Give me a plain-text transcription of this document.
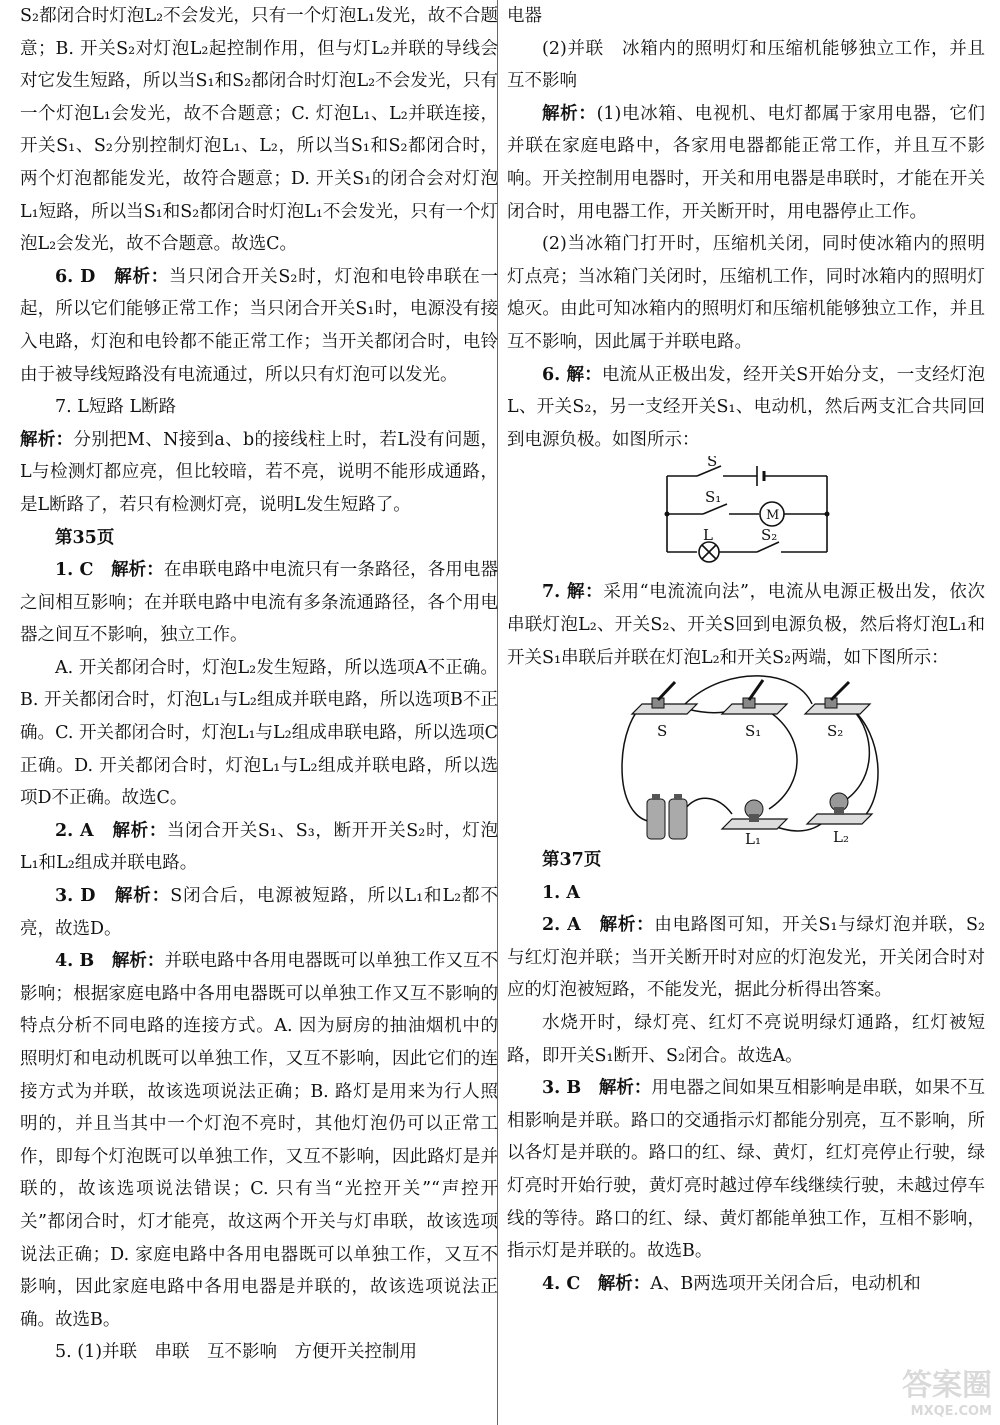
S₂都闭合时灯泡L₂不会发光，只有一个灯泡L₁发光，故不合题意；B. 开关S₂对灯泡L₂起控制作用，但与灯L₂并联的导线会对它发生短路，所以当S₁和S₂都闭合时灯泡L₂不会发光，只有一个灯泡L₁会发光，故不合题意；C. 灯泡L₁、L₂并联连接，开关S₁、S₂分别控制灯泡L₁、L₂，所以当S₁和S₂都闭合时，两个灯泡都能发光，故符合题意；D. 开关S₁的闭合会对灯泡L₁短路，所以当S₁和S₂都闭合时灯泡L₁不会发光，只有一个灯泡L₂会发光，故不合题意。故选C。

6. D　解析：当只闭合开关S₂时，灯泡和电铃串联在一起，所以它们能够正常工作；当只闭合开关S₁时，电源没有接入电路，灯泡和电铃都不能正常工作；当开关都闭合时，电铃由于被导线短路没有电流通过，所以只有灯泡可以发光。

7. L短路 L断路

解析：分别把M、N接到a、b的接线柱上时，若L没有问题，L与检测灯都应亮，但比较暗，若不亮，说明不能形成通路，是L断路了，若只有检测灯亮，说明L发生短路了。

第35页

1. C　解析：在串联电路中电流只有一条路径，各用电器之间相互影响；在并联电路中电流有多条流通路径，各个用电器之间互不影响，独立工作。

A. 开关都闭合时，灯泡L₂发生短路，所以选项A不正确。B. 开关都闭合时，灯泡L₁与L₂组成并联电路，所以选项B不正确。C. 开关都闭合时，灯泡L₁与L₂组成串联电路，所以选项C正确。D. 开关都闭合时，灯泡L₁与L₂组成并联电路，所以选项D不正确。故选C。

2. A　解析：当闭合开关S₁、S₃，断开开关S₂时，灯泡L₁和L₂组成并联电路。

3. D　解析：S闭合后，电源被短路，所以L₁和L₂都不亮，故选D。

4. B　解析：并联电路中各用电器既可以单独工作又互不影响；根据家庭电路中各用电器既可以单独工作又互不影响的特点分析不同电路的连接方式。A. 因为厨房的抽油烟机中的照明灯和电动机既可以单独工作，又互不影响，因此它们的连接方式为并联，故该选项说法正确；B. 路灯是用来为行人照明的，并且当其中一个灯泡不亮时，其他灯泡仍可以正常工作，即每个灯泡既可以单独工作，又互不影响，因此路灯是并联的，故该选项说法错误；C. 只有当“光控开关”“声控开关”都闭合时，灯才能亮，故这两个开关与灯串联，故该选项说法正确；D. 家庭电路中各用电器既可以单独工作，又互不影响，因此家庭电路中各用电器是并联的，故该选项说法正确。故选B。

5. (1)并联　串联　互不影响　方便开关控制用

电器

(2)并联　冰箱内的照明灯和压缩机能够独立工作，并且互不影响

解析：(1)电冰箱、电视机、电灯都属于家用电器，它们并联在家庭电路中，各家用电器都能正常工作，并且互不影响。开关控制用电器时，开关和用电器是串联时，才能在开关闭合时，用电器工作，开关断开时，用电器停止工作。

(2)当冰箱门打开时，压缩机关闭，同时使冰箱内的照明灯点亮；当冰箱门关闭时，压缩机工作，同时冰箱内的照明灯熄灭。由此可知冰箱内的照明灯和压缩机能够独立工作，并且互不影响，因此属于并联电路。

6. 解：电流从正极出发，经开关S开始分支，一支经灯泡L、开关S₂，另一支经开关S₁、电动机，然后两支汇合共同回到电源负极。如图所示：

S
S₁
M
L	S₂

7. 解：采用“电流流向法”，电流从电源正极出发，依次串联灯泡L₂、开关S₂、开关S回到电源负极，然后将灯泡L₁和开关S₁串联后并联在灯泡L₂和开关S₂两端，如下图所示：

S	S₁	S₂
L₁	L₂

第37页

1. A

2. A　解析：由电路图可知，开关S₁与绿灯泡并联，S₂与红灯泡并联；当开关断开时对应的灯泡发光，开关闭合时对应的灯泡被短路，不能发光，据此分析得出答案。

水烧开时，绿灯亮、红灯不亮说明绿灯通路，红灯被短路，即开关S₁断开、S₂闭合。故选A。

3. B　解析：用电器之间如果互相影响是串联，如果不互相影响是并联。路口的交通指示灯都能分别亮，互不影响，所以各灯是并联的。路口的红、绿、黄灯，红灯亮停止行驶，绿灯亮时开始行驶，黄灯亮时越过停车线继续行驶，未越过停车线的等待。路口的红、绿、黄灯都能单独工作，互相不影响，指示灯是并联的。故选B。

4. C　解析：A、B两选项开关闭合后，电动机和

答案圈
MXQE.COM
